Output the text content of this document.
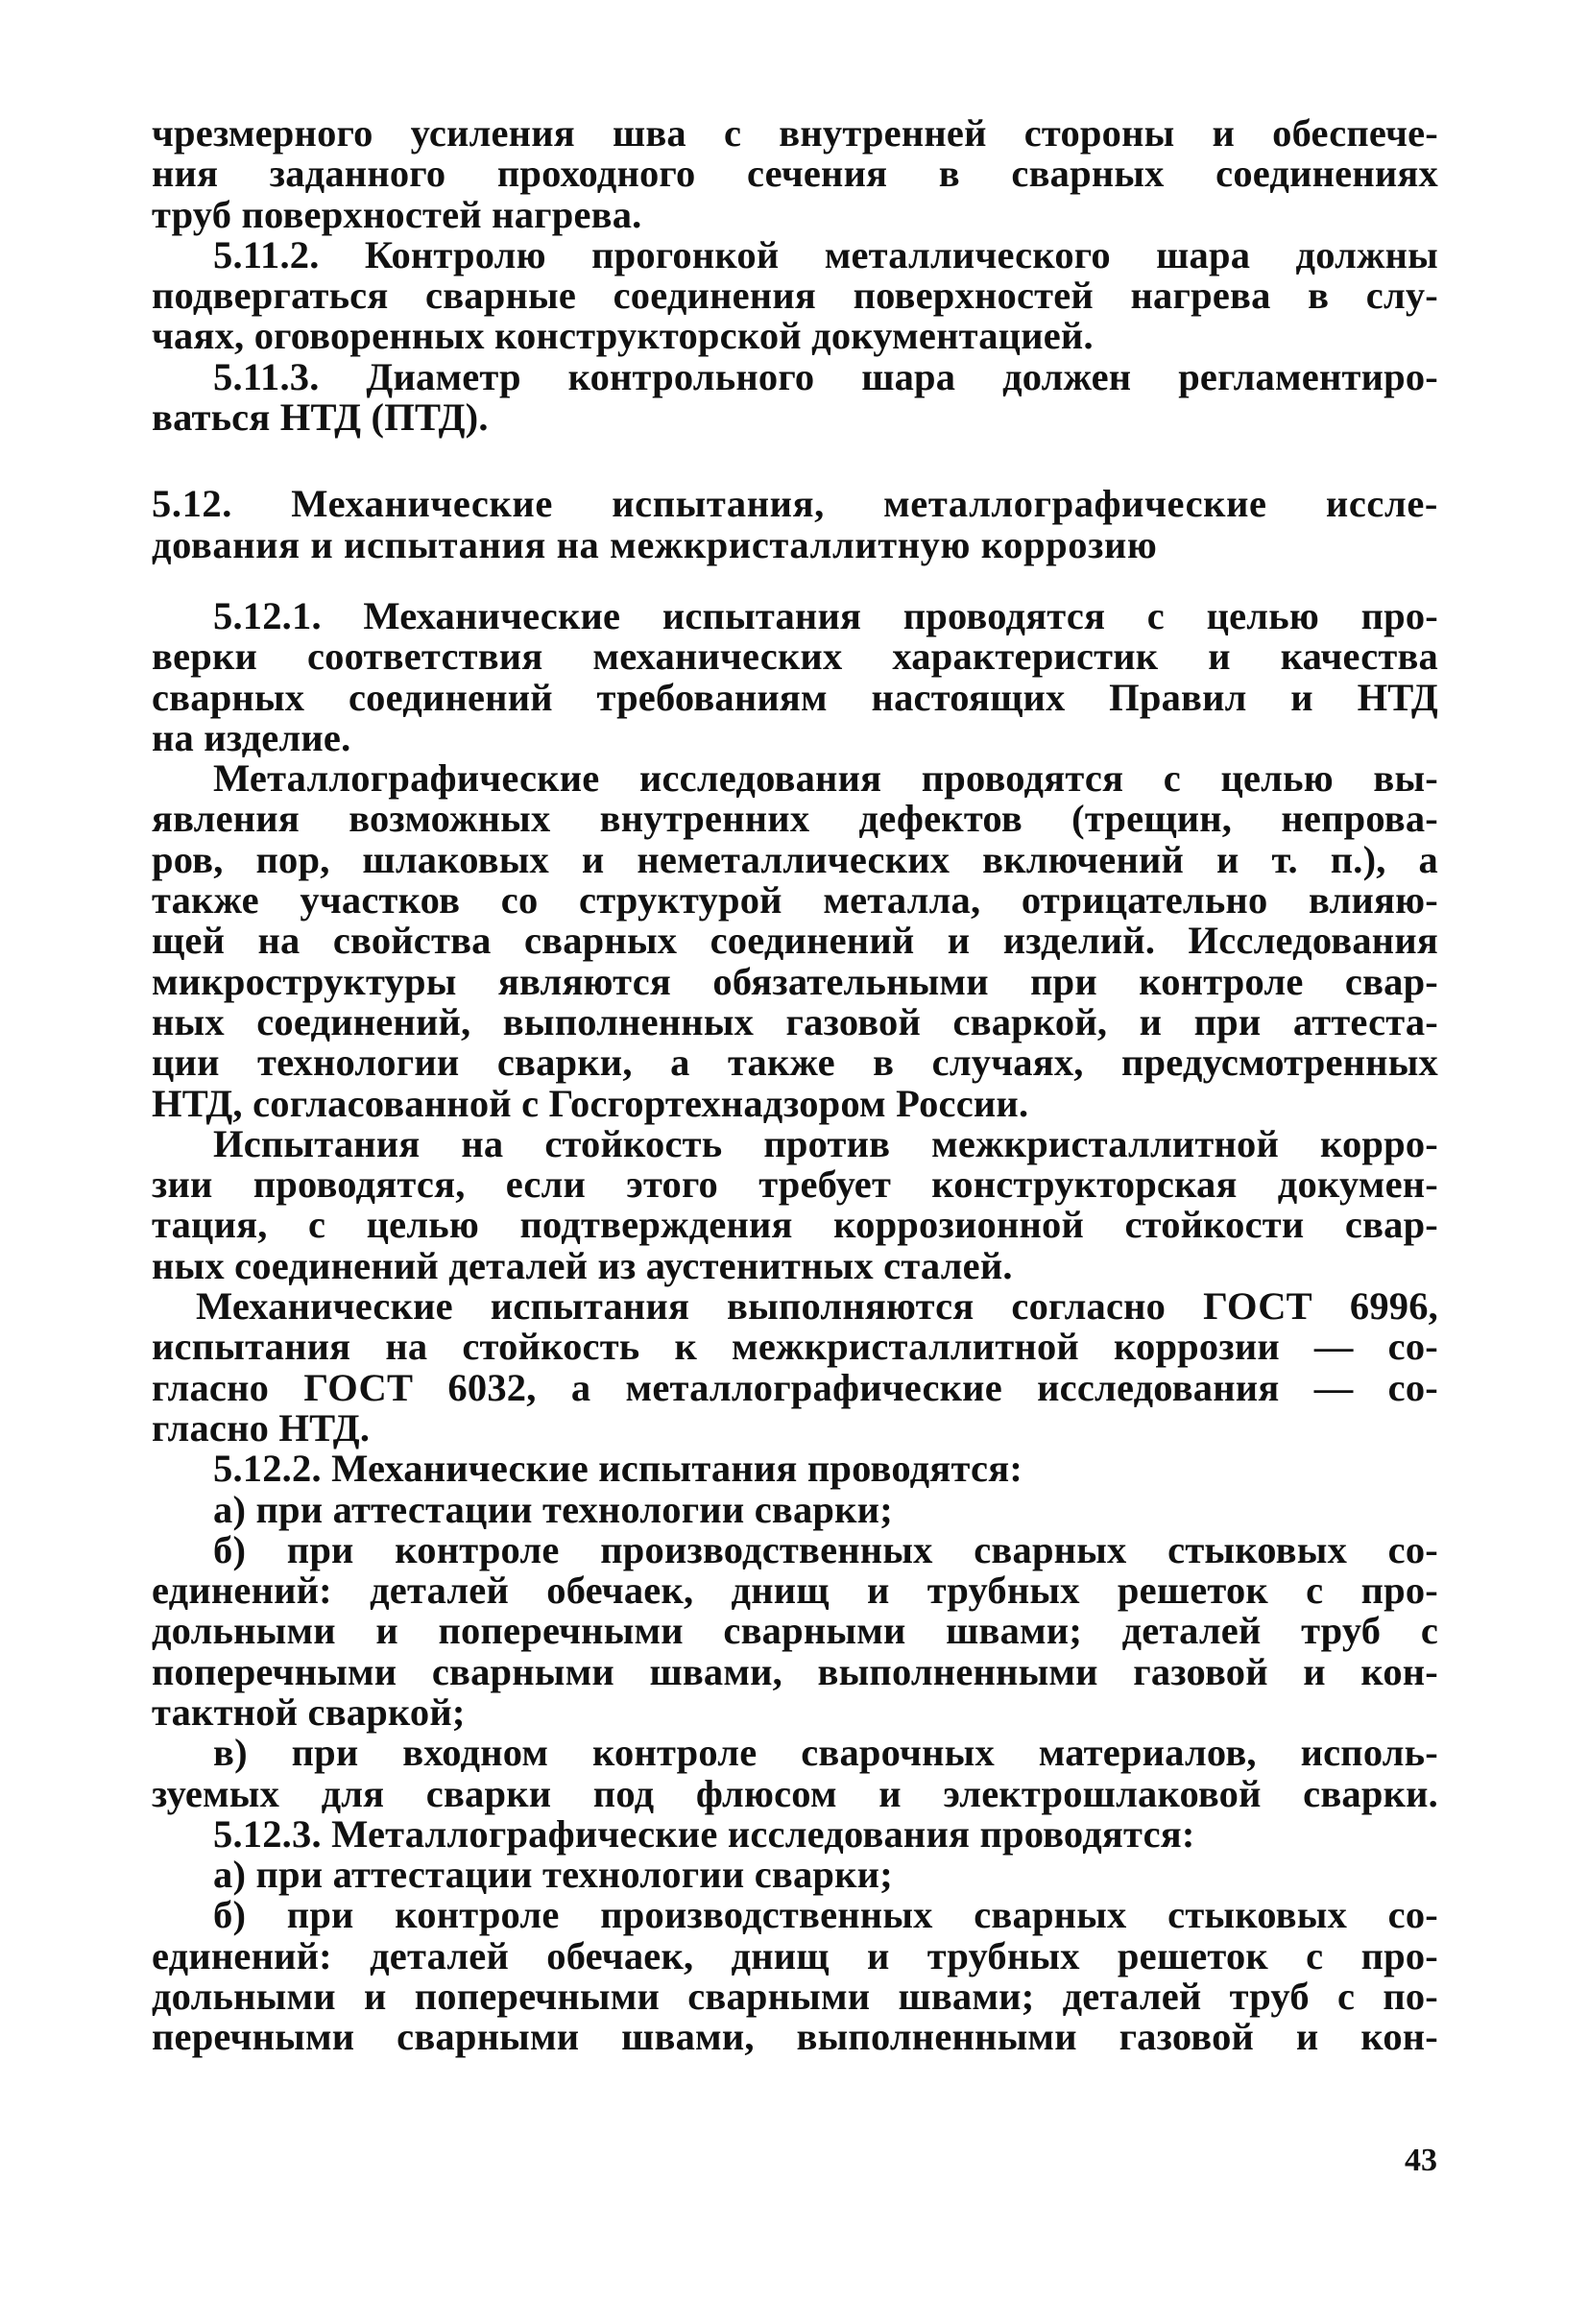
чрезмерного усиления шва с внутренней стороны и обеспече-
ния заданного проходного сечения в сварных соединениях
труб поверхностей нагрева.
5.11.2. Контролю прогонкой металлического шара должны
подвергаться сварные соединения поверхностей нагрева в слу-
чаях, оговоренных конструкторской документацией.
5.11.3. Диаметр контрольного шара должен регламентиро-
ваться НТД (ПТД).
5.12. Механические испытания, металлографические иссле-
дования и испытания на межкристаллитную коррозию
5.12.1. Механические испытания проводятся с целью про-
верки соответствия механических характеристик и качества
сварных соединений требованиям настоящих Правил и НТД
на изделие.
Металлографические исследования проводятся с целью вы-
явления возможных внутренних дефектов (трещин, непрова-
ров, пор, шлаковых и неметаллических включений и т. п.), а
также участков со структурой металла, отрицательно влияю-
щей на свойства сварных соединений и изделий. Исследования
микроструктуры являются обязательными при контроле свар-
ных соединений, выполненных газовой сваркой, и при аттеста-
ции технологии сварки, а также в случаях, предусмотренных
НТД, согласованной с Госгортехнадзором России.
Испытания на стойкость против межкристаллитной корро-
зии проводятся, если этого требует конструкторская докумен-
тация, с целью подтверждения коррозионной стойкости свар-
ных соединений деталей из аустенитных сталей.
Механические испытания выполняются согласно ГОСТ 6996,
испытания на стойкость к межкристаллитной коррозии — со-
гласно ГОСТ 6032, а металлографические исследования — со-
гласно НТД.
5.12.2. Механические испытания проводятся:
а) при аттестации технологии сварки;
б) при контроле производственных сварных стыковых со-
единений: деталей обечаек, днищ и трубных решеток с про-
дольными и поперечными сварными швами; деталей труб с
поперечными сварными швами, выполненными газовой и кон-
тактной сваркой;
в) при входном контроле сварочных материалов, исполь-
зуемых для сварки под флюсом и электрошлаковой сварки.
5.12.3. Металлографические исследования проводятся:
а) при аттестации технологии сварки;
б) при контроле производственных сварных стыковых со-
единений: деталей обечаек, днищ и трубных решеток с про-
дольными и поперечными сварными швами; деталей труб с по-
перечными сварными швами, выполненными газовой и кон-
43
